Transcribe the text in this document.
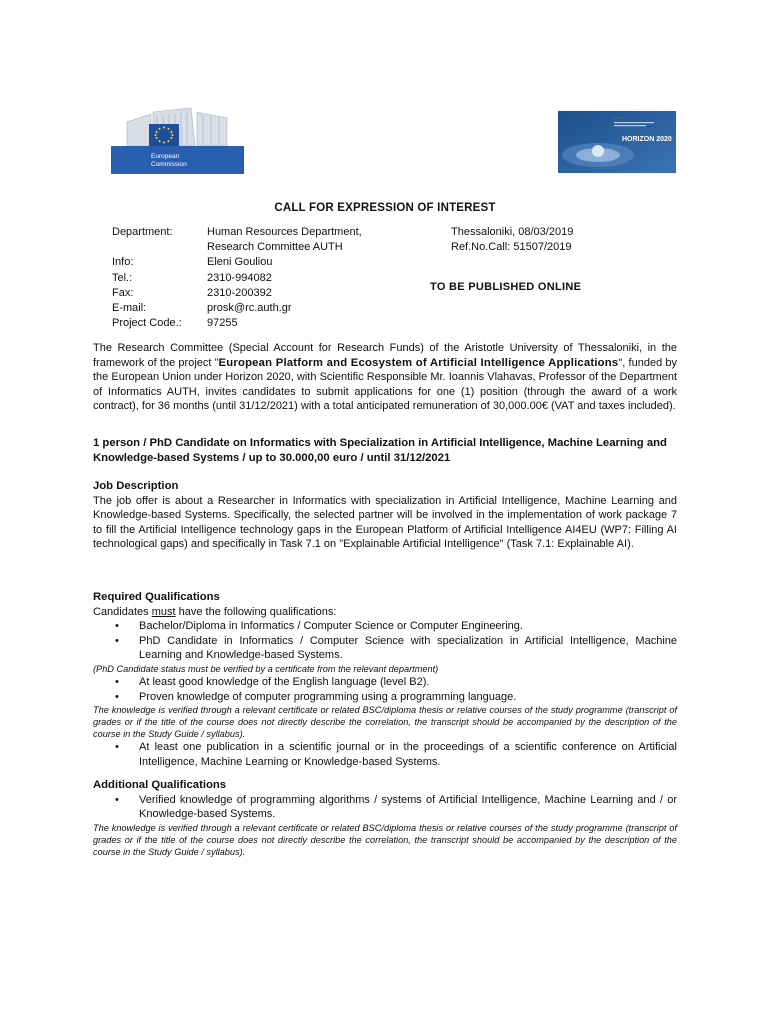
European
Commission
* * *
HORIZON 2020
CALL FOR EXPRESSION OF INTEREST
Department:	Human Resources Department,
Research Committee AUTH
Info:	Eleni Gouliou
Tel.:	2310-994082
Fax:	2310-200392
E-mail:	prosk@rc.auth.gr
Project Code.:	97255
Thessaloniki, 08/03/2019
Ref.No.Call: 51507/2019
TO BE PUBLISHED ONLINE
The Research Committee (Special Account for Research Funds) of the Aristotle University of Thessaloniki, in the framework of the project "European Platform and Ecosystem of Artificial Intelligence Applications", funded by the European Union under Horizon 2020, with Scientific Responsible Mr. Ioannis Vlahavas, Professor of the Department of Informatics AUTH, invites candidates to submit applications for one (1) position (through the award of a work contract), for 36 months (until 31/12/2021) with a total anticipated remuneration of 30,000.00€ (VAT and taxes included).
1 person / PhD Candidate on Informatics with Specialization in Artificial Intelligence, Machine Learning and Knowledge-based Systems / up to 30.000,00 euro / until 31/12/2021
Job Description
The job offer is about a Researcher in Informatics with specialization in Artificial Intelligence, Machine Learning and Knowledge-based Systems. Specifically, the selected partner will be involved in the implementation of work package 7 to fill the Artificial Intelligence technology gaps in the European Platform of Artificial Intelligence AI4EU (WP7: Filling AI technological gaps) and specifically in Task 7.1 on "Explainable Artificial Intelligence" (Task 7.1: Explainable AI).
Required Qualifications
Candidates must have the following qualifications:
• Bachelor/Diploma in Informatics / Computer Science or Computer Engineering.
• PhD Candidate in Informatics / Computer Science with specialization in Artificial Intelligence, Machine Learning and Knowledge-based Systems.
(PhD Candidate status must be verified by a certificate from the relevant department)
• At least good knowledge of the English language (level B2).
• Proven knowledge of computer programming using a programming language.
The knowledge is verified through a relevant certificate or related BSC/diploma thesis or relative courses of the study programme (transcript of grades or if the title of the course does not directly describe the correlation, the transcript should be accompanied by the description of the course in the Study Guide / syllabus).
• At least one publication in a scientific journal or in the proceedings of a scientific conference on Artificial Intelligence, Machine Learning or Knowledge-based Systems.
Additional Qualifications
• Verified knowledge of programming algorithms / systems of Artificial Intelligence, Machine Learning and / or Knowledge-based Systems.
The knowledge is verified through a relevant certificate or related BSC/diploma thesis or relative courses of the study programme (transcript of grades or if the title of the course does not directly describe the correlation, the transcript should be accompanied by the description of the course in the Study Guide / syllabus).
